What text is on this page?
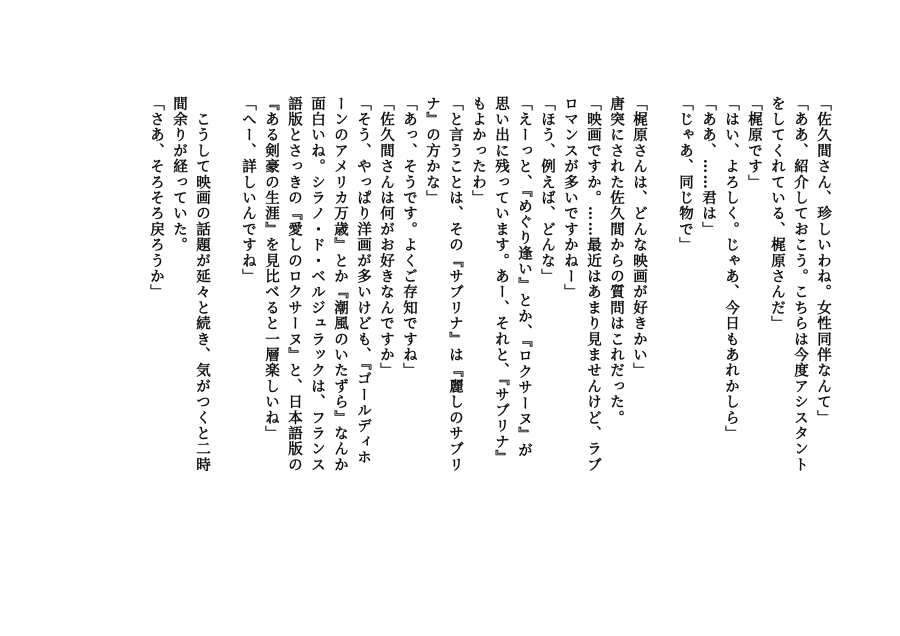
「佐久間さん、珍しいわね。女性同伴なんて」
「ああ、紹介しておこう。こちらは今度アシスタント
をしてくれている、梶原さんだ」
「梶原です」
「はい、よろしく。じゃあ、今日もあれかしら」
「ああ、……君は」
「じゃあ、同じ物で」
「梶原さんは、どんな映画が好きかい」
唐突にされた佐久間からの質問はこれだった。
「映画ですか。……最近はあまり見ませんけど、ラブ
ロマンスが多いですかねー」
「ほう、例えば、どんな」
「えーっと、『めぐり逢い』とか、『ロクサーヌ』が
思い出に残っています。あー、それと、『サブリナ』
もよかったわ」
「と言うことは、その『サブリナ』は『麗しのサブリ
ナ』の方かな」
「あっ、そうです。よくご存知ですね」
「佐久間さんは何がお好きなんですか」
「そう、やっぱり洋画が多いけども、『ゴールディホ
ーンのアメリカ万歳』とか『潮風のいたずら』なんか
面白いね。シラノ・ド・ベルジュラックは、フランス
語版とさっきの『愛しのロクサーヌ』と、日本語版の
『ある剣豪の生涯』を見比べると一層楽しいね」
「へー、詳しいんですね」
　こうして映画の話題が延々と続き、気がつくと二時
間余りが経っていた。
「さあ、そろそろ戻ろうか」
